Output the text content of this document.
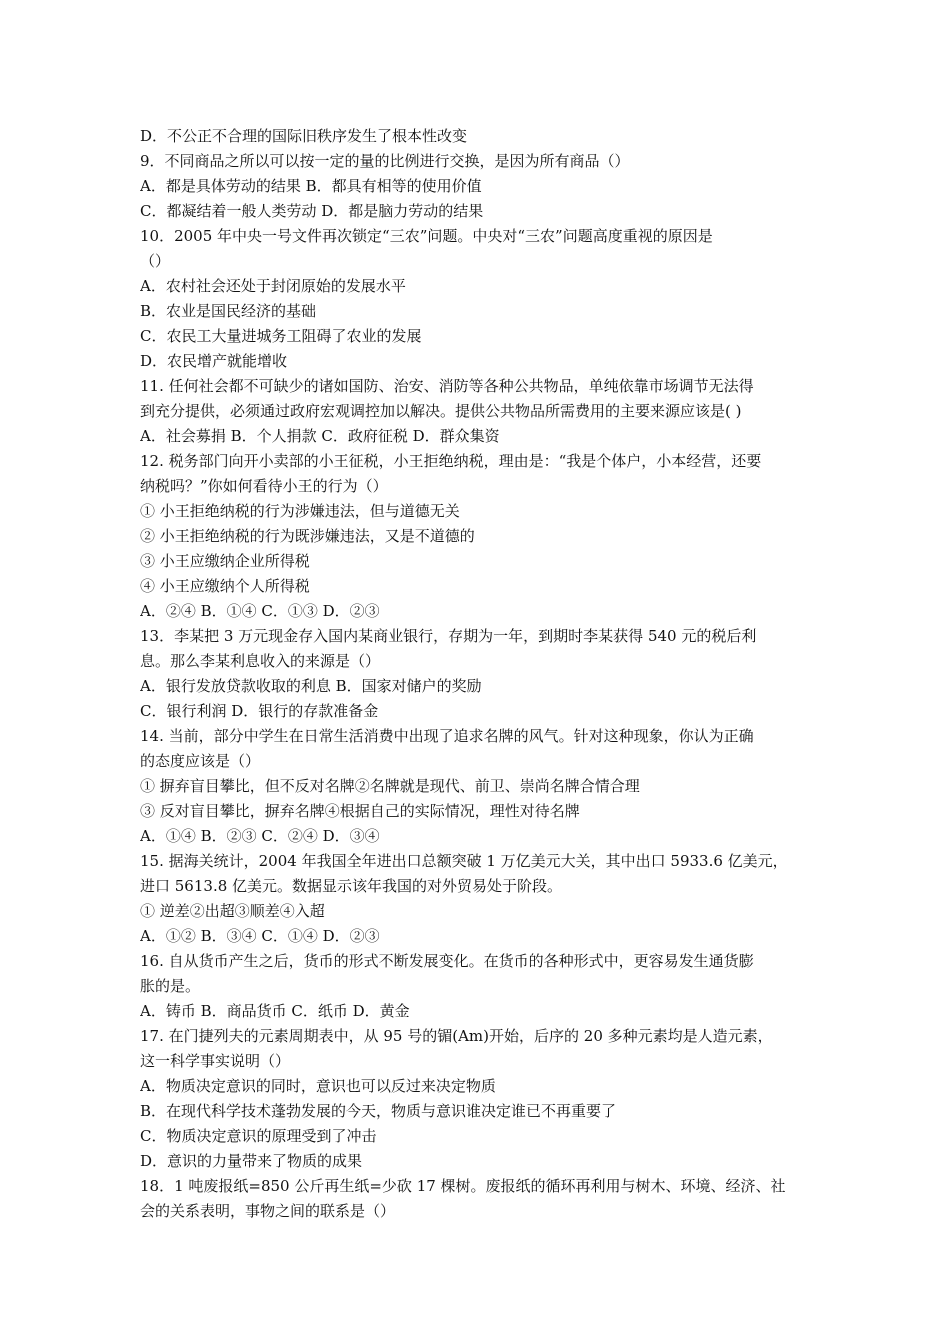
D．不公正不合理的国际旧秩序发生了根本性改变
9．不同商品之所以可以按一定的量的比例进行交换，是因为所有商品（）
A．都是具体劳动的结果 B．都具有相等的使用价值
C．都凝结着一般人类劳动 D．都是脑力劳动的结果
10．2005 年中央一号文件再次锁定“三农”问题。中央对“三农”问题高度重视的原因是
（）
A．农村社会还处于封闭原始的发展水平
B．农业是国民经济的基础
C．农民工大量进城务工阻碍了农业的发展
D．农民增产就能增收
11. 任何社会都不可缺少的诸如国防、治安、消防等各种公共物品，单纯依靠市场调节无法得
到充分提供，必须通过政府宏观调控加以解决。提供公共物品所需费用的主要来源应该是( )
A．社会募捐 B．个人捐款 C．政府征税 D．群众集资
12. 税务部门向开小卖部的小王征税，小王拒绝纳税，理由是：“我是个体户，小本经营，还要
纳税吗？”你如何看待小王的行为（）
① 小王拒绝纳税的行为涉嫌违法，但与道德无关
② 小王拒绝纳税的行为既涉嫌违法，又是不道德的
③ 小王应缴纳企业所得税
④ 小王应缴纳个人所得税
A．②④ B．①④ C．①③ D．②③
13．李某把 3 万元现金存入国内某商业银行，存期为一年，到期时李某获得 540 元的税后利
息。那么李某利息收入的来源是（）
A．银行发放贷款收取的利息 B．国家对储户的奖励
C．银行利润 D．银行的存款准备金
14. 当前，部分中学生在日常生活消费中出现了追求名牌的风气。针对这种现象，你认为正确
的态度应该是（）
① 摒弃盲目攀比，但不反对名牌②名牌就是现代、前卫、崇尚名牌合情合理
③ 反对盲目攀比，摒弃名牌④根据自己的实际情况，理性对待名牌
A．①④ B．②③ C．②④ D．③④
15. 据海关统计，2004 年我国全年进出口总额突破 1 万亿美元大关，其中出口 5933.6 亿美元，
进口 5613.8 亿美元。数据显示该年我国的对外贸易处于阶段。
① 逆差②出超③顺差④入超
A．①② B．③④ C．①④ D．②③
16. 自从货币产生之后，货币的形式不断发展变化。在货币的各种形式中，更容易发生通货膨
胀的是。
A．铸币 B．商品货币 C．纸币 D．黄金
17. 在门捷列夫的元素周期表中，从 95 号的镅(Am)开始，后序的 20 多种元素均是人造元素，
这一科学事实说明（）
A．物质决定意识的同时，意识也可以反过来决定物质
B．在现代科学技术蓬勃发展的今天，物质与意识谁决定谁已不再重要了
C．物质决定意识的原理受到了冲击
D．意识的力量带来了物质的成果
18．1 吨废报纸=850 公斤再生纸=少砍 17 棵树。废报纸的循环再利用与树木、环境、经济、社
会的关系表明，事物之间的联系是（）
